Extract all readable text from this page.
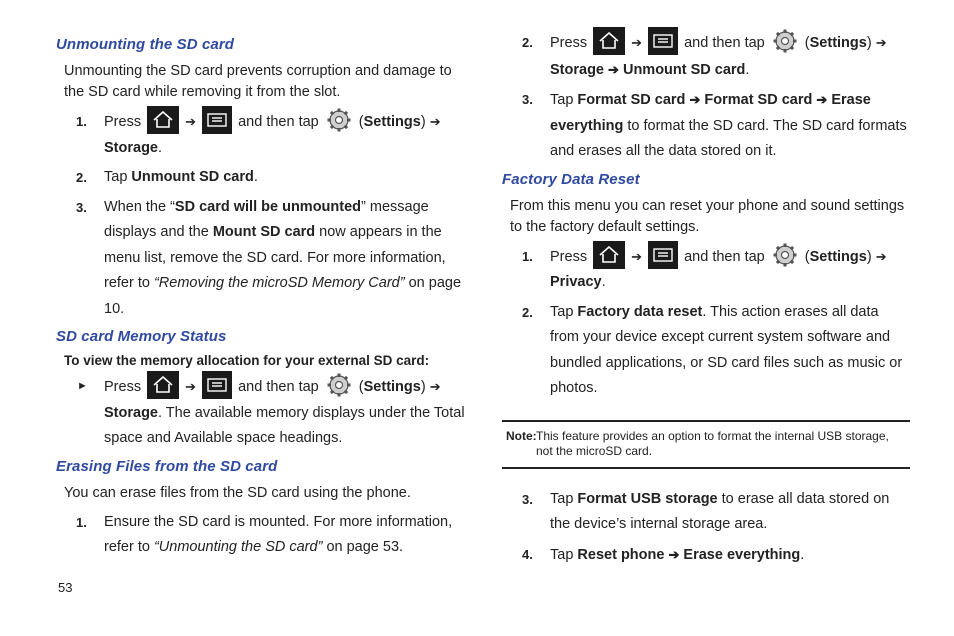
Unmounting the SD card
Unmounting the SD card prevents corruption and damage to the SD card while removing it from the slot.
1. Press	➔	and then tap
(Settings) ➔
Storage.
2. Tap Unmount SD card.
3. When the “SD card will be unmounted” message displays and the Mount SD card now appears in the menu list, remove the SD card. For more information, refer to “Removing the microSD Memory Card” on page 10.
SD card Memory Status
To view the memory allocation for your external SD card:
► Press	➔	and then tap
(Settings) ➔
Storage. The available memory displays under the Total space and Available space headings.
Erasing Files from the SD card
You can erase files from the SD card using the phone.
1. Ensure the SD card is mounted. For more information, refer to “Unmounting the SD card” on page 53.
2. Press	➔	and then tap
(Settings) ➔
Storage ➔ Unmount SD card.
3. Tap Format SD card ➔ Format SD card ➔ Erase everything to format the SD card. The SD card formats and erases all the data stored on it.
Factory Data Reset
From this menu you can reset your phone and sound settings to the factory default settings.
1. Press	➔	and then tap
(Settings) ➔
Privacy.
2. Tap Factory data reset. This action erases all data from your device except current system software and bundled applications, or SD card files such as music or photos.
Note: This feature provides an option to format the internal USB storage, not the microSD card.
3. Tap Format USB storage to erase all data stored on the device’s internal storage area.
4. Tap Reset phone ➔ Erase everything.
53
